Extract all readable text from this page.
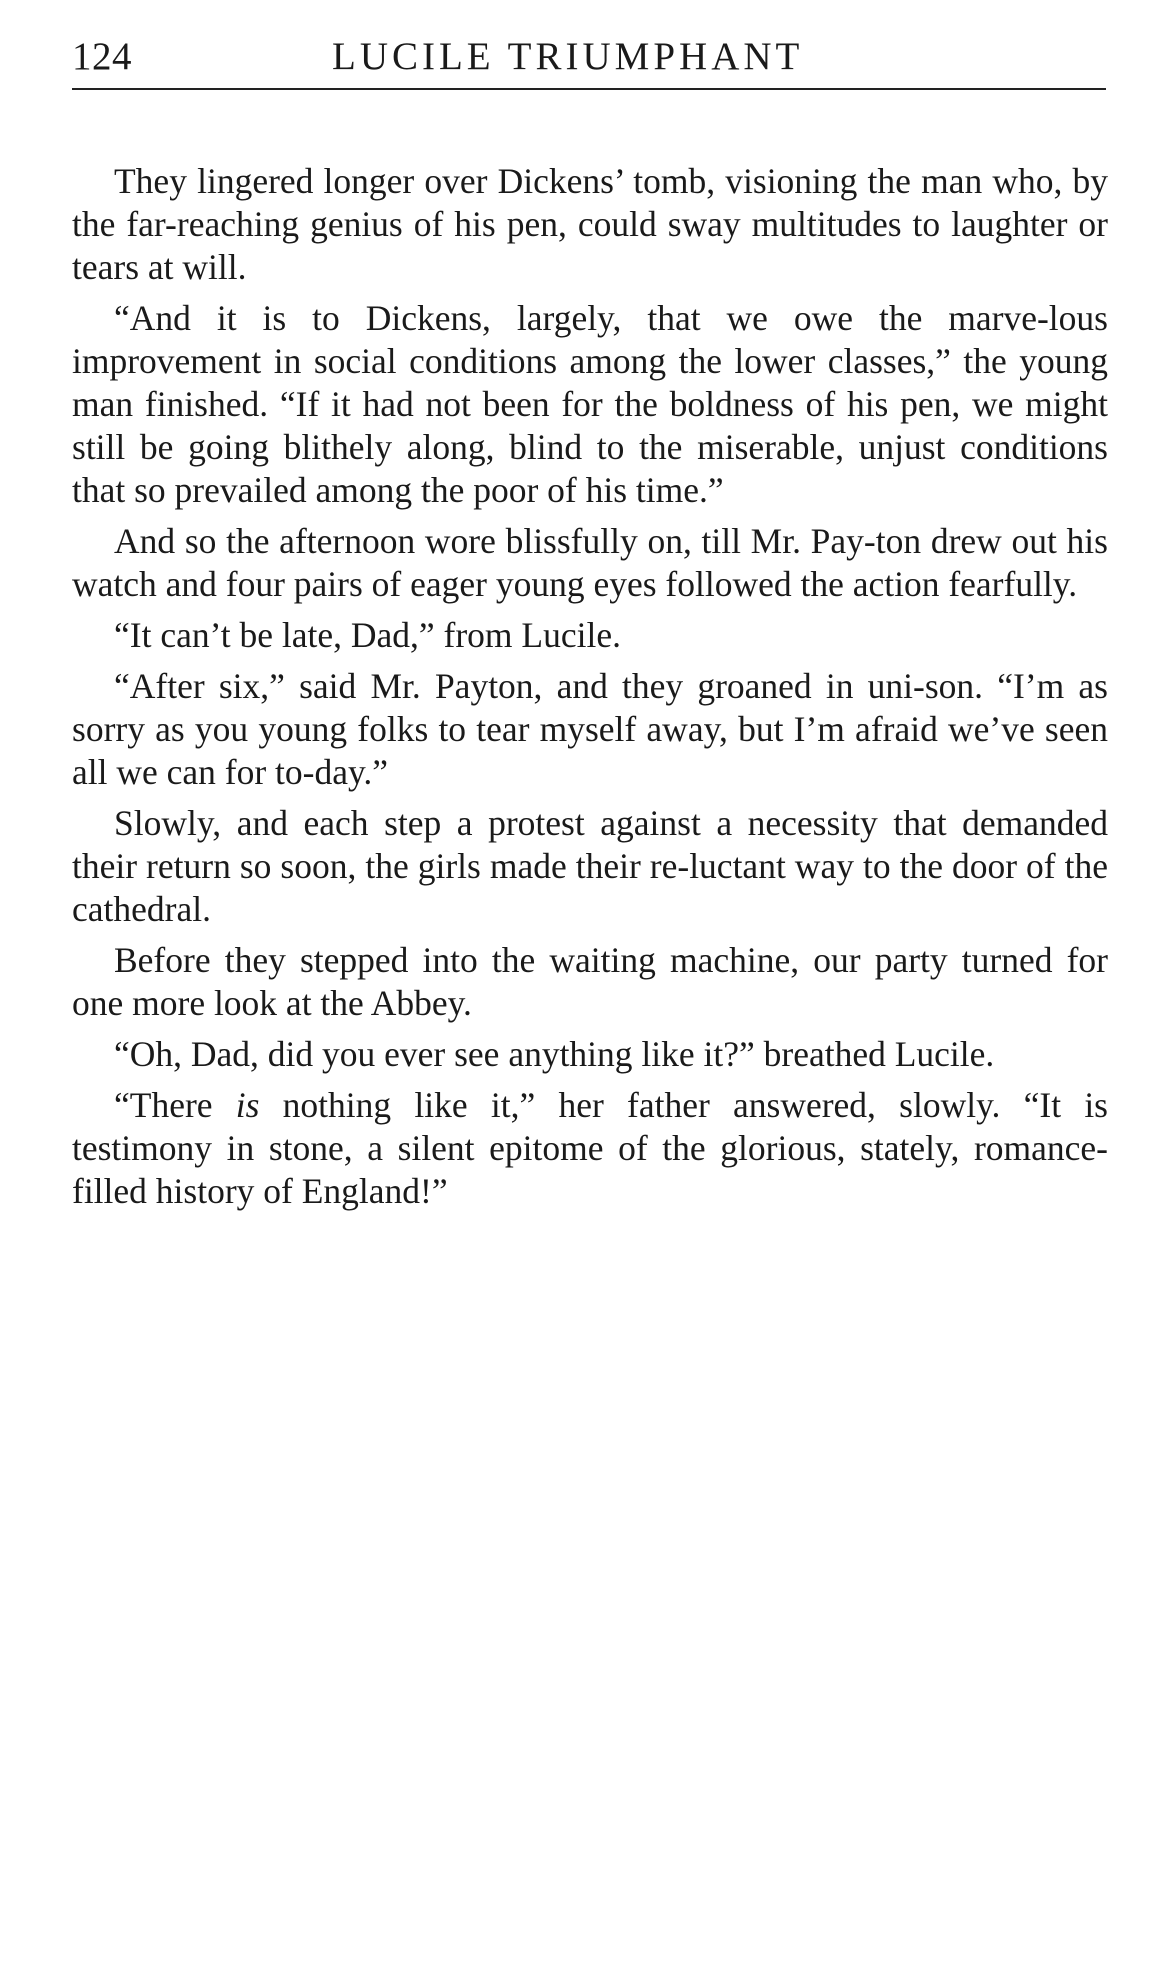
124	LUCILE TRIUMPHANT

They lingered longer over Dickens’ tomb, visioning the man who, by the far-reaching genius of his pen, could sway multitudes to laughter or tears at will.

“And it is to Dickens, largely, that we owe the marve-lous improvement in social conditions among the lower classes,” the young man finished. “If it had not been for the boldness of his pen, we might still be going blithely along, blind to the miserable, unjust conditions that so prevailed among the poor of his time.”

And so the afternoon wore blissfully on, till Mr. Pay-ton drew out his watch and four pairs of eager young eyes followed the action fearfully.

“It can’t be late, Dad,” from Lucile.

“After six,” said Mr. Payton, and they groaned in uni-son. “I’m as sorry as you young folks to tear myself away, but I’m afraid we’ve seen all we can for to-day.”

Slowly, and each step a protest against a necessity that demanded their return so soon, the girls made their re-luctant way to the door of the cathedral.

Before they stepped into the waiting machine, our party turned for one more look at the Abbey.

“Oh, Dad, did you ever see anything like it?” breathed Lucile.

“There is nothing like it,” her father answered, slowly. “It is testimony in stone, a silent epitome of the glorious, stately, romance-filled history of England!”
